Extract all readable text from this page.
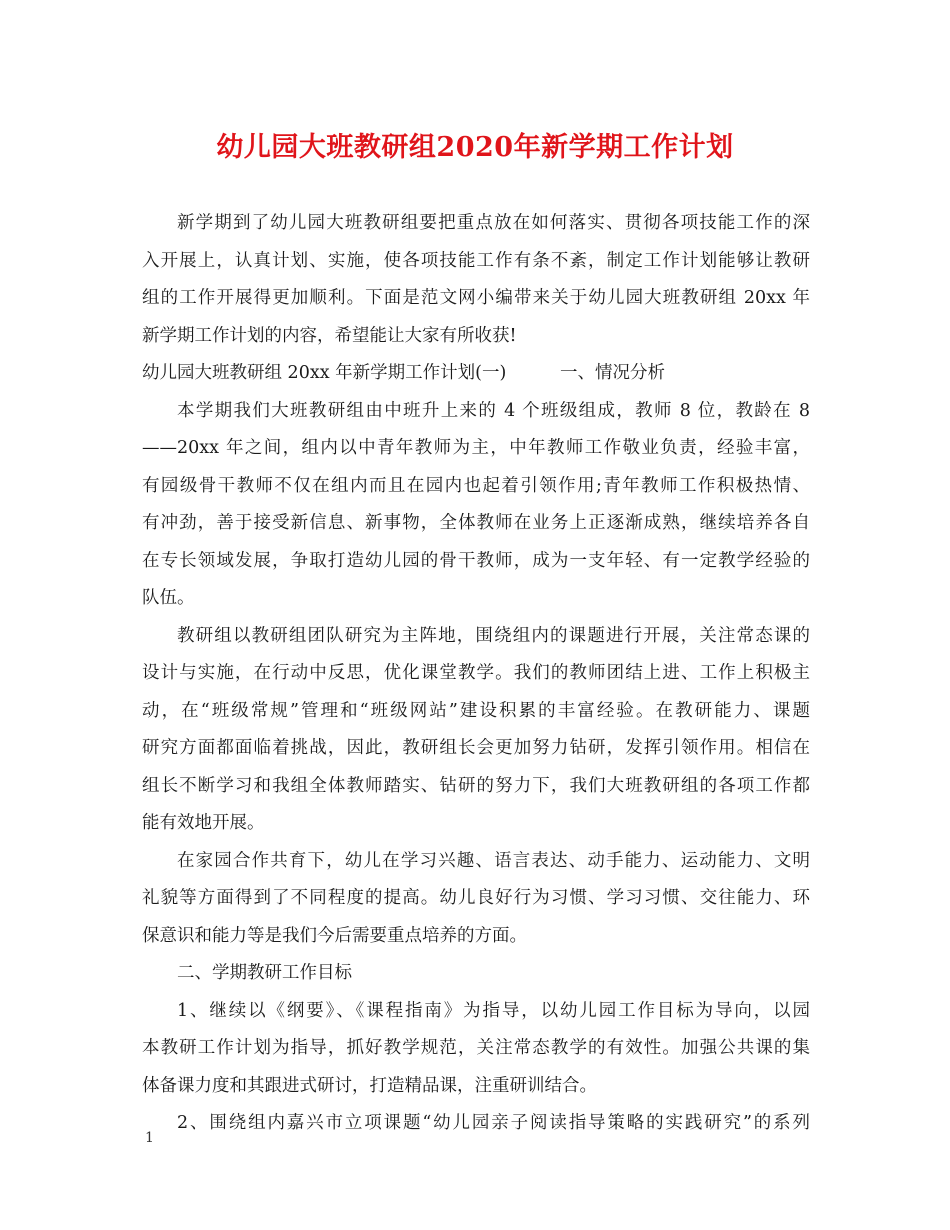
幼儿园大班教研组2020年新学期工作计划
新学期到了幼儿园大班教研组要把重点放在如何落实、贯彻各项技能工作的深
入开展上，认真计划、实施，使各项技能工作有条不紊，制定工作计划能够让教研
组的工作开展得更加顺利。下面是范文网小编带来关于幼儿园大班教研组 20xx 年
新学期工作计划的内容，希望能让大家有所收获!
幼儿园大班教研组 20xx 年新学期工作计划(一)	一、情况分析
本学期我们大班教研组由中班升上来的 4 个班级组成，教师 8 位，教龄在 8
——20xx 年之间，组内以中青年教师为主，中年教师工作敬业负责，经验丰富，
有园级骨干教师不仅在组内而且在园内也起着引领作用;青年教师工作积极热情、
有冲劲，善于接受新信息、新事物，全体教师在业务上正逐渐成熟，继续培养各自
在专长领域发展，争取打造幼儿园的骨干教师，成为一支年轻、有一定教学经验的
队伍。
教研组以教研组团队研究为主阵地，围绕组内的课题进行开展，关注常态课的
设计与实施，在行动中反思，优化课堂教学。我们的教师团结上进、工作上积极主
动，在“班级常规”管理和“班级网站”建设积累的丰富经验。在教研能力、课题
研究方面都面临着挑战，因此，教研组长会更加努力钻研，发挥引领作用。相信在
组长不断学习和我组全体教师踏实、钻研的努力下，我们大班教研组的各项工作都
能有效地开展。
在家园合作共育下，幼儿在学习兴趣、语言表达、动手能力、运动能力、文明
礼貌等方面得到了不同程度的提高。幼儿良好行为习惯、学习习惯、交往能力、环
保意识和能力等是我们今后需要重点培养的方面。
二、学期教研工作目标
1、继续以《纲要》、《课程指南》为指导，以幼儿园工作目标为导向，以园
本教研工作计划为指导，抓好教学规范，关注常态教学的有效性。加强公共课的集
体备课力度和其跟进式研讨，打造精品课，注重研训结合。
2、围绕组内嘉兴市立项课题“幼儿园亲子阅读指导策略的实践研究”的系列
1
